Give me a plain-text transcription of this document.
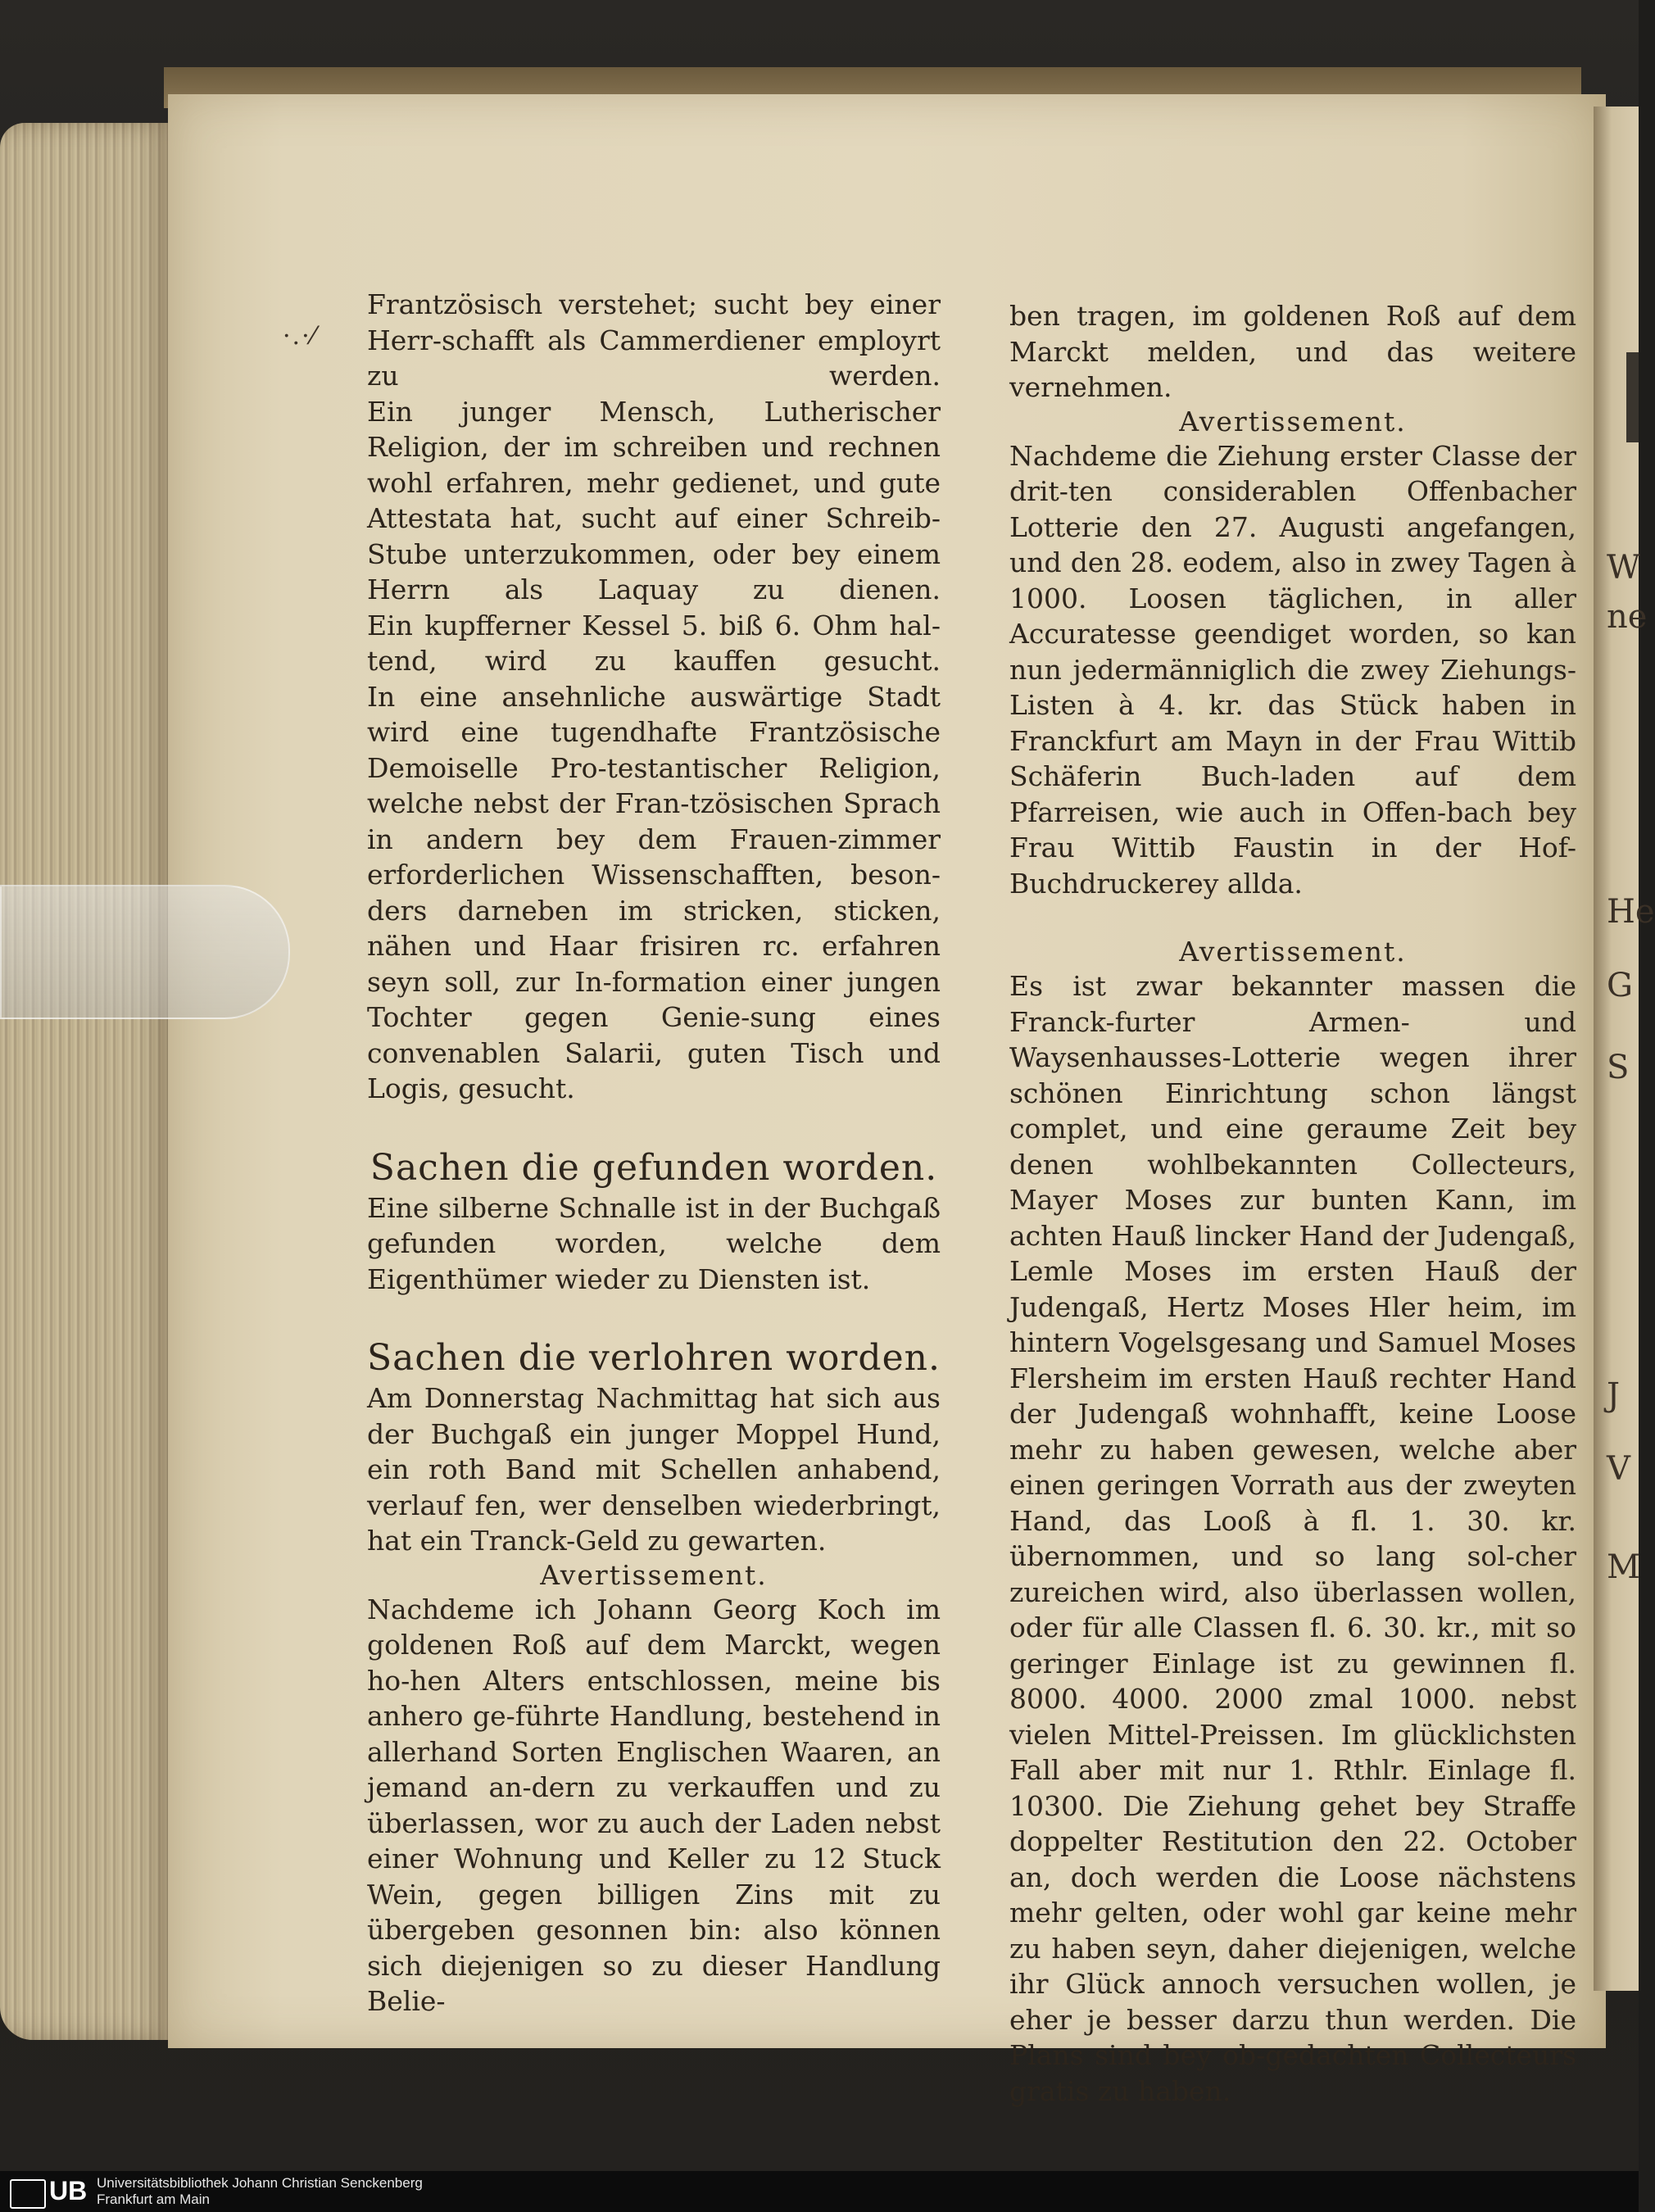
W
ne
He
G
S
J
V
M
·.·⁄

Frantzösisch verstehet; sucht bey einer Herr-schafft als Cammerdiener employrt zu werden.

Ein junger Mensch, Lutherischer Religion, der im schreiben und rechnen wohl erfahren, mehr gedienet, und gute Attestata hat, sucht auf einer Schreib-Stube unterzukommen, oder bey einem Herrn als Laquay zu dienen.

Ein kupfferner Kessel 5. biß 6. Ohm hal-tend, wird zu kauffen gesucht.

In eine ansehnliche auswärtige Stadt wird eine tugendhafte Frantzösische Demoiselle Pro-testantischer Religion, welche nebst der Fran-tzösischen Sprach in andern bey dem Frauen-zimmer erforderlichen Wissenschafften, beson-ders darneben im stricken, sticken, nähen und Haar frisiren rc. erfahren seyn soll, zur In-formation einer jungen Tochter gegen Genie-sung eines convenablen Salarii, guten Tisch und Logis, gesucht.

Sachen die gefunden worden.

Eine silberne Schnalle ist in der Buchgaß gefunden worden, welche dem Eigenthümer wieder zu Diensten ist.

Sachen die verlohren worden.

Am Donnerstag Nachmittag hat sich aus der Buchgaß ein junger Moppel Hund, ein roth Band mit Schellen anhabend, verlauf fen, wer denselben wiederbringt, hat ein Tranck-Geld zu gewarten.

Avertissement.

Nachdeme ich Johann Georg Koch im goldenen Roß auf dem Marckt, wegen ho-hen Alters entschlossen, meine bis anhero ge-führte Handlung, bestehend in allerhand Sorten Englischen Waaren, an jemand an-dern zu verkauffen und zu überlassen, wor zu auch der Laden nebst einer Wohnung und Keller zu 12 Stuck Wein, gegen billigen Zins mit zu übergeben gesonnen bin: also können sich diejenigen so zu dieser Handlung Belie-

ben tragen, im goldenen Roß auf dem Marckt melden, und das weitere vernehmen.

Avertissement.

Nachdeme die Ziehung erster Classe der drit-ten considerablen Offenbacher Lotterie den 27. Augusti angefangen, und den 28. eodem, also in zwey Tagen à 1000. Loosen täglichen, in aller Accuratesse geendiget worden, so kan nun jedermänniglich die zwey Ziehungs-Listen à 4. kr. das Stück haben in Franckfurt am Mayn in der Frau Wittib Schäferin Buch-laden auf dem Pfarreisen, wie auch in Offen-bach bey Frau Wittib Faustin in der Hof-Buchdruckerey allda.

Avertissement.

Es ist zwar bekannter massen die Franck-furter Armen- und Waysenhausses-Lotterie wegen ihrer schönen Einrichtung schon längst complet, und eine geraume Zeit bey denen wohlbekannten Collecteurs, Mayer Moses zur bunten Kann, im achten Hauß lincker Hand der Judengaß, Lemle Moses im ersten Hauß der Judengaß, Hertz Moses Hler heim, im hintern Vogelsgesang und Samuel Moses Flersheim im ersten Hauß rechter Hand der Judengaß wohnhafft, keine Loose mehr zu haben gewesen, welche aber einen geringen Vorrath aus der zweyten Hand, das Looß à fl. 1. 30. kr. übernommen, und so lang sol-cher zureichen wird, also überlassen wollen, oder für alle Classen fl. 6. 30. kr., mit so geringer Einlage ist zu gewinnen fl. 8000. 4000. 2000 zmal 1000. nebst vielen Mittel-Preissen. Im glücklichsten Fall aber mit nur 1. Rthlr. Einlage fl. 10300. Die Ziehung gehet bey Straffe doppelter Restitution den 22. October an, doch werden die Loose nächstens mehr gelten, oder wohl gar keine mehr zu haben seyn, daher diejenigen, welche ihr Glück annoch versuchen wollen, je eher je besser darzu thun werden. Die Plans sind bey ob-gedachten Collecteurs gratis zu haben.

UB Universitätsbibliothek Johann Christian Senckenberg
Frankfurt am Main
